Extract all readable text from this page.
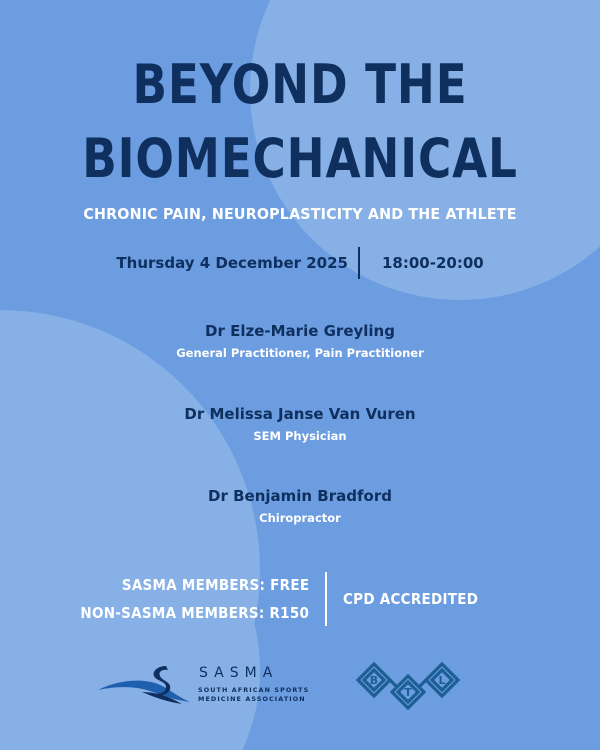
BEYOND THE
BIOMECHANICAL
CHRONIC PAIN, NEUROPLASTICITY AND THE ATHLETE
Thursday 4 December 2025 18:00-20:00
Dr Elze-Marie Greyling
General Practitioner, Pain Practitioner
Dr Melissa Janse Van Vuren
SEM Physician
Dr Benjamin Bradford
Chiropractor
SASMA MEMBERS: FREE
NON-SASMA MEMBERS: R150
CPD ACCREDITED
SASMA
SOUTH AFRICAN SPORTS
MEDICINE ASSOCIATION
B
T
L
